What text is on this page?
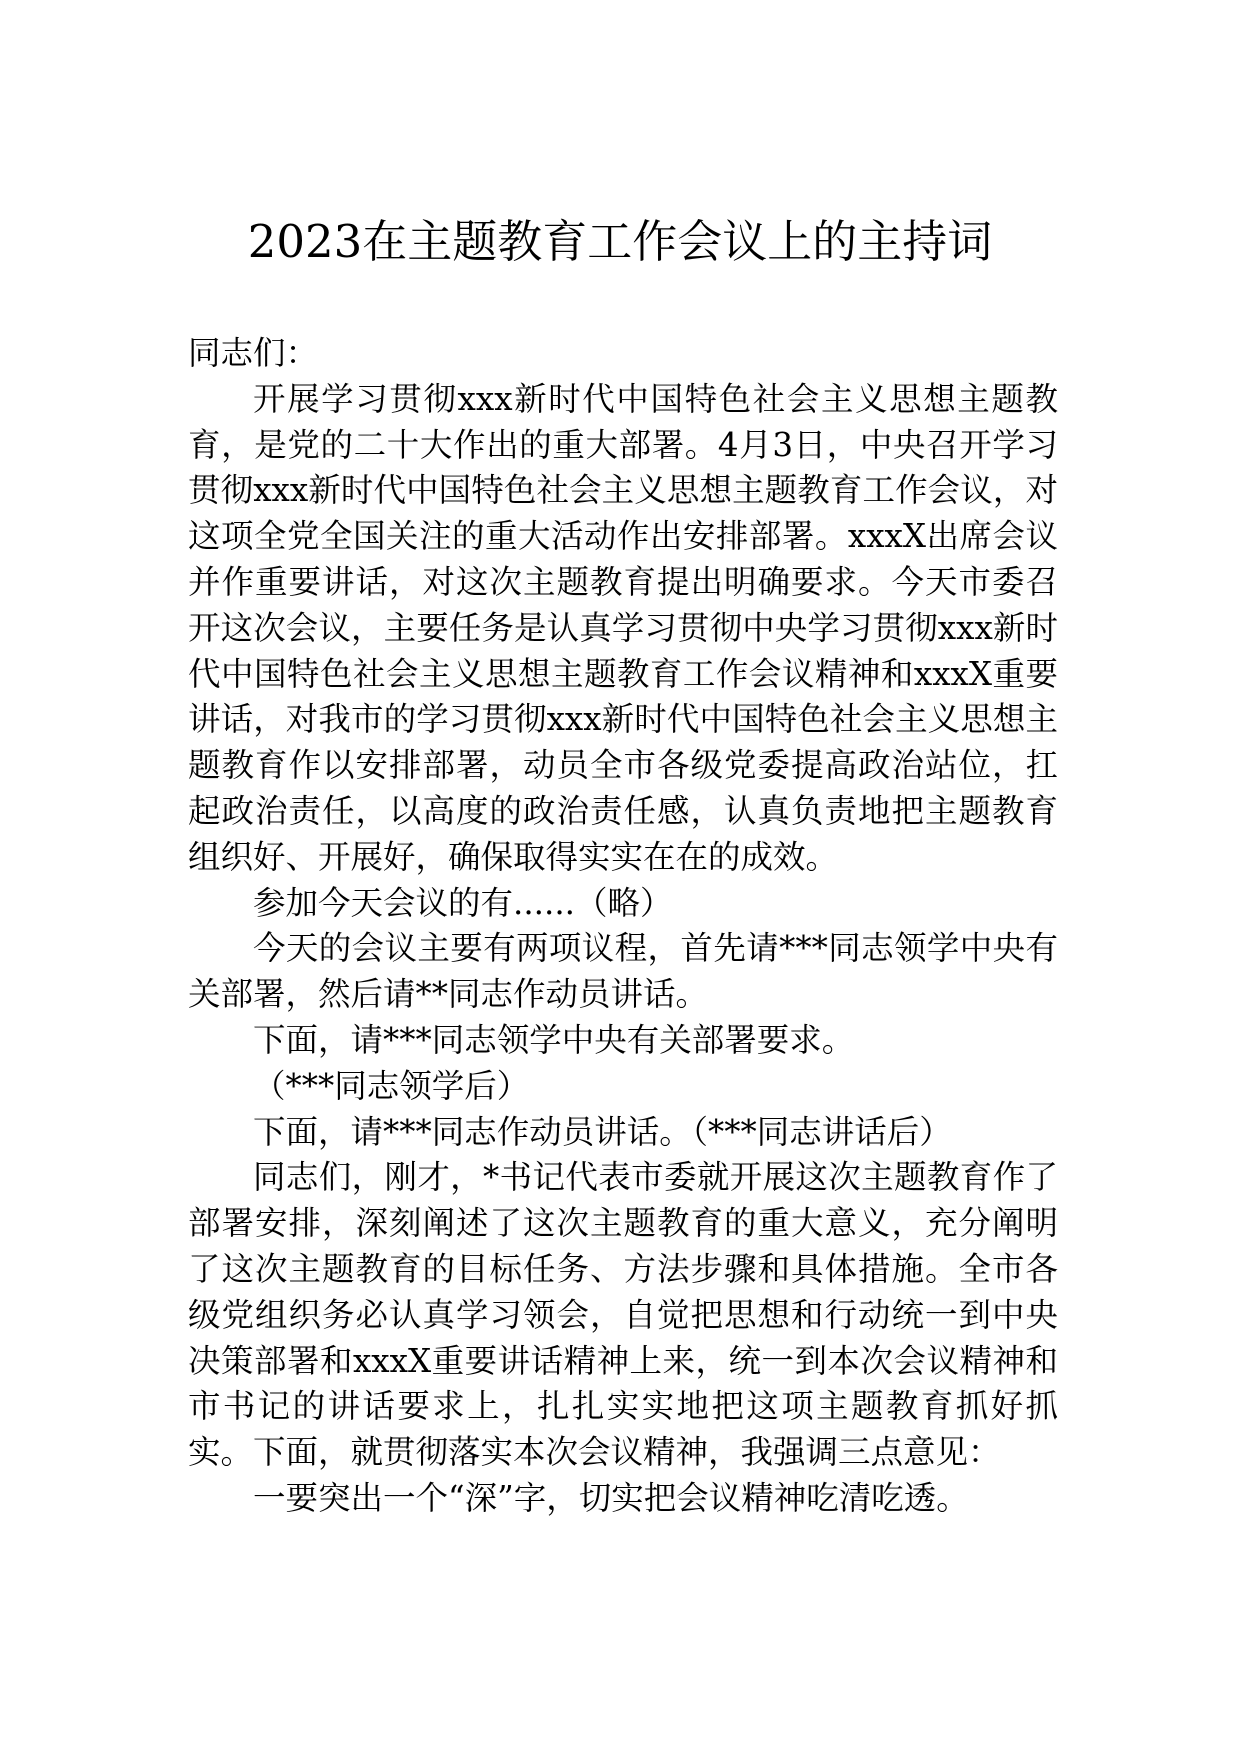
2023在主题教育工作会议上的主持词

同志们：

开展学习贯彻xxx新时代中国特色社会主义思想主题教育，是党的二十大作出的重大部署。4月3日，中央召开学习贯彻xxx新时代中国特色社会主义思想主题教育工作会议，对这项全党全国关注的重大活动作出安排部署。xxxX出席会议并作重要讲话，对这次主题教育提出明确要求。今天市委召开这次会议，主要任务是认真学习贯彻中央学习贯彻xxx新时代中国特色社会主义思想主题教育工作会议精神和xxxX重要讲话，对我市的学习贯彻xxx新时代中国特色社会主义思想主题教育作以安排部署，动员全市各级党委提高政治站位，扛起政治责任，以高度的政治责任感，认真负责地把主题教育组织好、开展好，确保取得实实在在的成效。

参加今天会议的有......（略）

今天的会议主要有两项议程，首先请***同志领学中央有关部署，然后请**同志作动员讲话。

下面，请***同志领学中央有关部署要求。

（***同志领学后）

下面，请***同志作动员讲话。（***同志讲话后）

同志们，刚才，*书记代表市委就开展这次主题教育作了部署安排，深刻阐述了这次主题教育的重大意义，充分阐明了这次主题教育的目标任务、方法步骤和具体措施。全市各级党组织务必认真学习领会，自觉把思想和行动统一到中央决策部署和xxxX重要讲话精神上来，统一到本次会议精神和市书记的讲话要求上，扎扎实实地把这项主题教育抓好抓实。下面，就贯彻落实本次会议精神，我强调三点意见：

一要突出一个“深”字，切实把会议精神吃清吃透。
